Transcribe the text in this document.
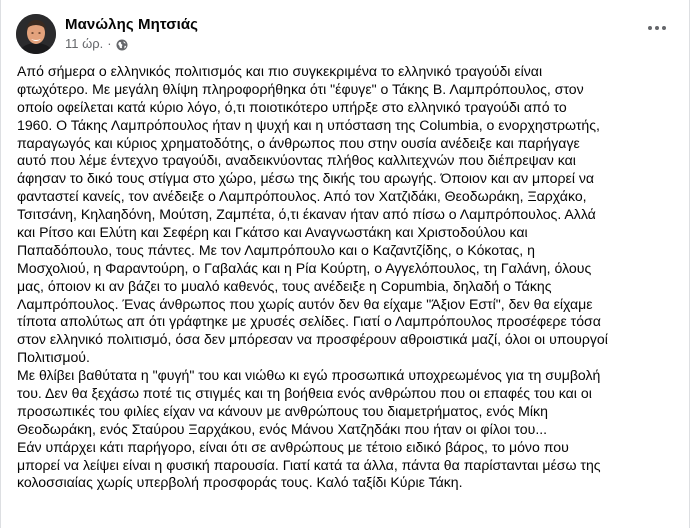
Μανώλης Μητσιάς
11 ώρ. ·
Από σήμερα ο ελληνικός πολιτισμός και πιο συγκεκριμένα το ελληνικό τραγούδι είναι
φτωχότερο. Με μεγάλη θλίψη πληροφορήθηκα ότι "έφυγε" ο Τάκης Β. Λαμπρόπουλος, στον
οποίο οφείλεται κατά κύριο λόγο, ό,τι ποιοτικότερο υπήρξε στο ελληνικό τραγούδι από το
1960. Ο Τάκης Λαμπρόπουλος ήταν η ψυχή και η υπόσταση της Columbia, ο ενορχηστρωτής,
παραγωγός και κύριος χρηματοδότης, ο άνθρωπος που στην ουσία ανέδειξε και παρήγαγε
αυτό που λέμε έντεχνο τραγούδι, αναδεικνύοντας πλήθος καλλιτεχνών που διέπρεψαν και
άφησαν το δικό τους στίγμα στο χώρο, μέσω της δικής του αρωγής. Όποιον και αν μπορεί να
φανταστεί κανείς, τον ανέδειξε ο Λαμπρόπουλος. Από τον Χατζιδάκι, Θεοδωράκη, Ξαρχάκο,
Τσιτσάνη, Κηλαηδόνη, Μούτση, Ζαμπέτα, ό,τι έκαναν ήταν από πίσω ο Λαμπρόπουλος. Αλλά
και Ρίτσο και Ελύτη και Σεφέρη και Γκάτσο και Αναγνωστάκη και Χριστοδούλου και
Παπαδόπουλο, τους πάντες. Με τον Λαμπρόπουλο και ο Καζαντζίδης, ο Κόκοτας, η
Μοσχολιού, η Φαραντούρη, ο Γαβαλάς και η Ρία Κούρτη, ο Αγγελόπουλος, τη Γαλάνη, όλους
μας, όποιον κι αν βάζει το μυαλό καθενός, τους ανέδειξε η Copumbia, δηλαδή ο Τάκης
Λαμπρόπουλος. Ένας άνθρωπος που χωρίς αυτόν δεν θα είχαμε "Άξιον Εστί", δεν θα είχαμε
τίποτα απολύτως απ ότι γράφτηκε με χρυσές σελίδες. Γιατί ο Λαμπρόπουλος προσέφερε τόσα
στον ελληνικό πολιτισμό, όσα δεν μπόρεσαν να προσφέρουν αθροιστικά μαζί, όλοι οι υπουργοί
Πολιτισμού.
Με θλίβει βαθύτατα η "φυγή" του και νιώθω κι εγώ προσωπικά υποχρεωμένος για τη συμβολή
του. Δεν θα ξεχάσω ποτέ τις στιγμές και τη βοήθεια ενός ανθρώπου που οι επαφές του και οι
προσωπικές του φιλίες είχαν να κάνουν με ανθρώπους του διαμετρήματος, ενός Μίκη
Θεοδωράκη, ενός Σταύρου Ξαρχάκου, ενός Μάνου Χατζηδάκι που ήταν οι φίλοι του...
Εάν υπάρχει κάτι παρήγορο, είναι ότι σε ανθρώπους με τέτοιο ειδικό βάρος, το μόνο που
μπορεί να λείψει είναι η φυσική παρουσία. Γιατί κατά τα άλλα, πάντα θα παρίστανται μέσω της
κολοσσιαίας χωρίς υπερβολή προσφοράς τους. Καλό ταξίδι Κύριε Τάκη.
